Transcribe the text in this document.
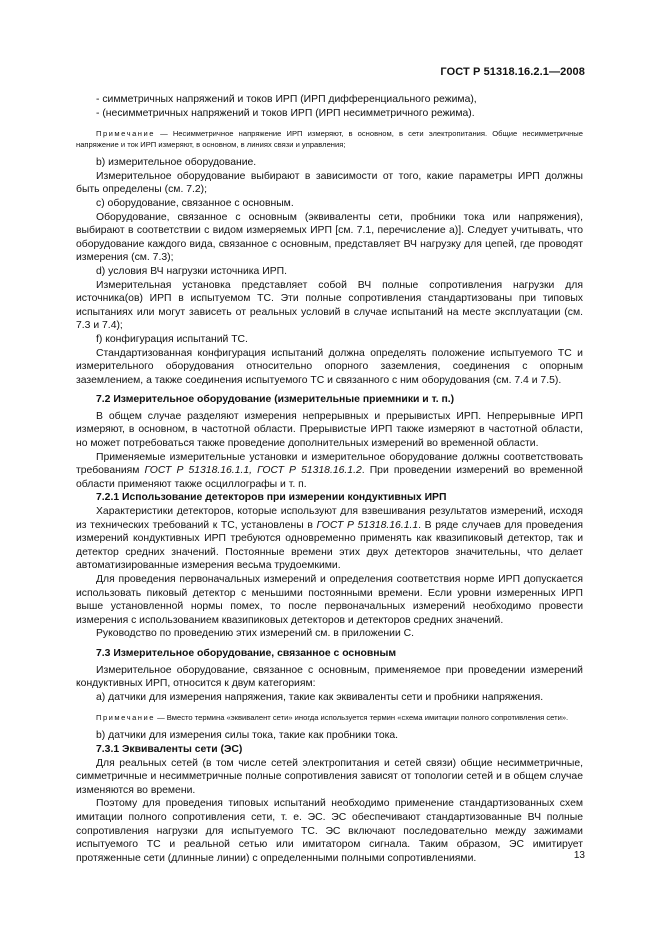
ГОСТ Р 51318.16.2.1—2008

- симметричных напряжений и токов ИРП (ИРП дифференциального режима),

- (несимметричных напряжений и токов ИРП (ИРП несимметричного режима).

Примечание — Несимметричное напряжение ИРП измеряют, в основном, в сети электропитания. Общие несимметричные напряжение и ток ИРП измеряют, в основном, в линиях связи и управления;

b) измерительное оборудование.

Измерительное оборудование выбирают в зависимости от того, какие параметры ИРП должны быть определены (см. 7.2);

c) оборудование, связанное с основным.

Оборудование, связанное с основным (эквиваленты сети, пробники тока или напряжения), выбирают в соответствии с видом измеряемых ИРП [см. 7.1, перечисление а)]. Следует учитывать, что оборудование каждого вида, связанное с основным, представляет ВЧ нагрузку для цепей, где проводят измерения (см. 7.3);

d) условия ВЧ нагрузки источника ИРП.

Измерительная установка представляет собой ВЧ полные сопротивления нагрузки для источника(ов) ИРП в испытуемом ТС. Эти полные сопротивления стандартизованы при типовых испытаниях или могут зависеть от реальных условий в случае испытаний на месте эксплуатации (см. 7.3 и 7.4);

f) конфигурация испытаний ТС.

Стандартизованная конфигурация испытаний должна определять положение испытуемого ТС и измерительного оборудования относительно опорного заземления, соединения с опорным заземлением, а также соединения испытуемого ТС и связанного с ним оборудования (см. 7.4 и 7.5).

7.2 Измерительное оборудование (измерительные приемники и т. п.)

В общем случае разделяют измерения непрерывных и прерывистых ИРП. Непрерывные ИРП измеряют, в основном, в частотной области. Прерывистые ИРП также измеряют в частотной области, но может потребоваться также проведение дополнительных измерений во временной области.

Применяемые измерительные установки и измерительное оборудование должны соответствовать требованиям ГОСТ Р 51318.16.1.1, ГОСТ Р 51318.16.1.2. При проведении измерений во временной области применяют также осциллографы и т. п.

7.2.1 Использование детекторов при измерении кондуктивных ИРП

Характеристики детекторов, которые используют для взвешивания результатов измерений, исходя из технических требований к ТС, установлены в ГОСТ Р 51318.16.1.1. В ряде случаев для проведения измерений кондуктивных ИРП требуются одновременно применять как квазипиковый детектор, так и детектор средних значений. Постоянные времени этих двух детекторов значительны, что делает автоматизированные измерения весьма трудоемкими.

Для проведения первоначальных измерений и определения соответствия норме ИРП допускается использовать пиковый детектор с меньшими постоянными времени. Если уровни измеренных ИРП выше установленной нормы помех, то после первоначальных измерений необходимо провести измерения с использованием квазипиковых детекторов и детекторов средних значений.

Руководство по проведению этих измерений см. в приложении С.

7.3 Измерительное оборудование, связанное с основным

Измерительное оборудование, связанное с основным, применяемое при проведении измерений кондуктивных ИРП, относится к двум категориям:

а) датчики для измерения напряжения, такие как эквиваленты сети и пробники напряжения.

Примечание — Вместо термина «эквивалент сети» иногда используется термин «схема имитации полного сопротивления сети».

b) датчики для измерения силы тока, такие как пробники тока.

7.3.1 Эквиваленты сети (ЭС)

Для реальных сетей (в том числе сетей электропитания и сетей связи) общие несимметричные, симметричные и несимметричные полные сопротивления зависят от топологии сетей и в общем случае изменяются во времени.

Поэтому для проведения типовых испытаний необходимо применение стандартизованных схем имитации полного сопротивления сети, т. е. ЭС. ЭС обеспечивают стандартизованные ВЧ полные сопротивления нагрузки для испытуемого ТС. ЭС включают последовательно между зажимами испытуемого ТС и реальной сетью или имитатором сигнала. Таким образом, ЭС имитирует протяженные сети (длинные линии) с определенными полными сопротивлениями.	13
